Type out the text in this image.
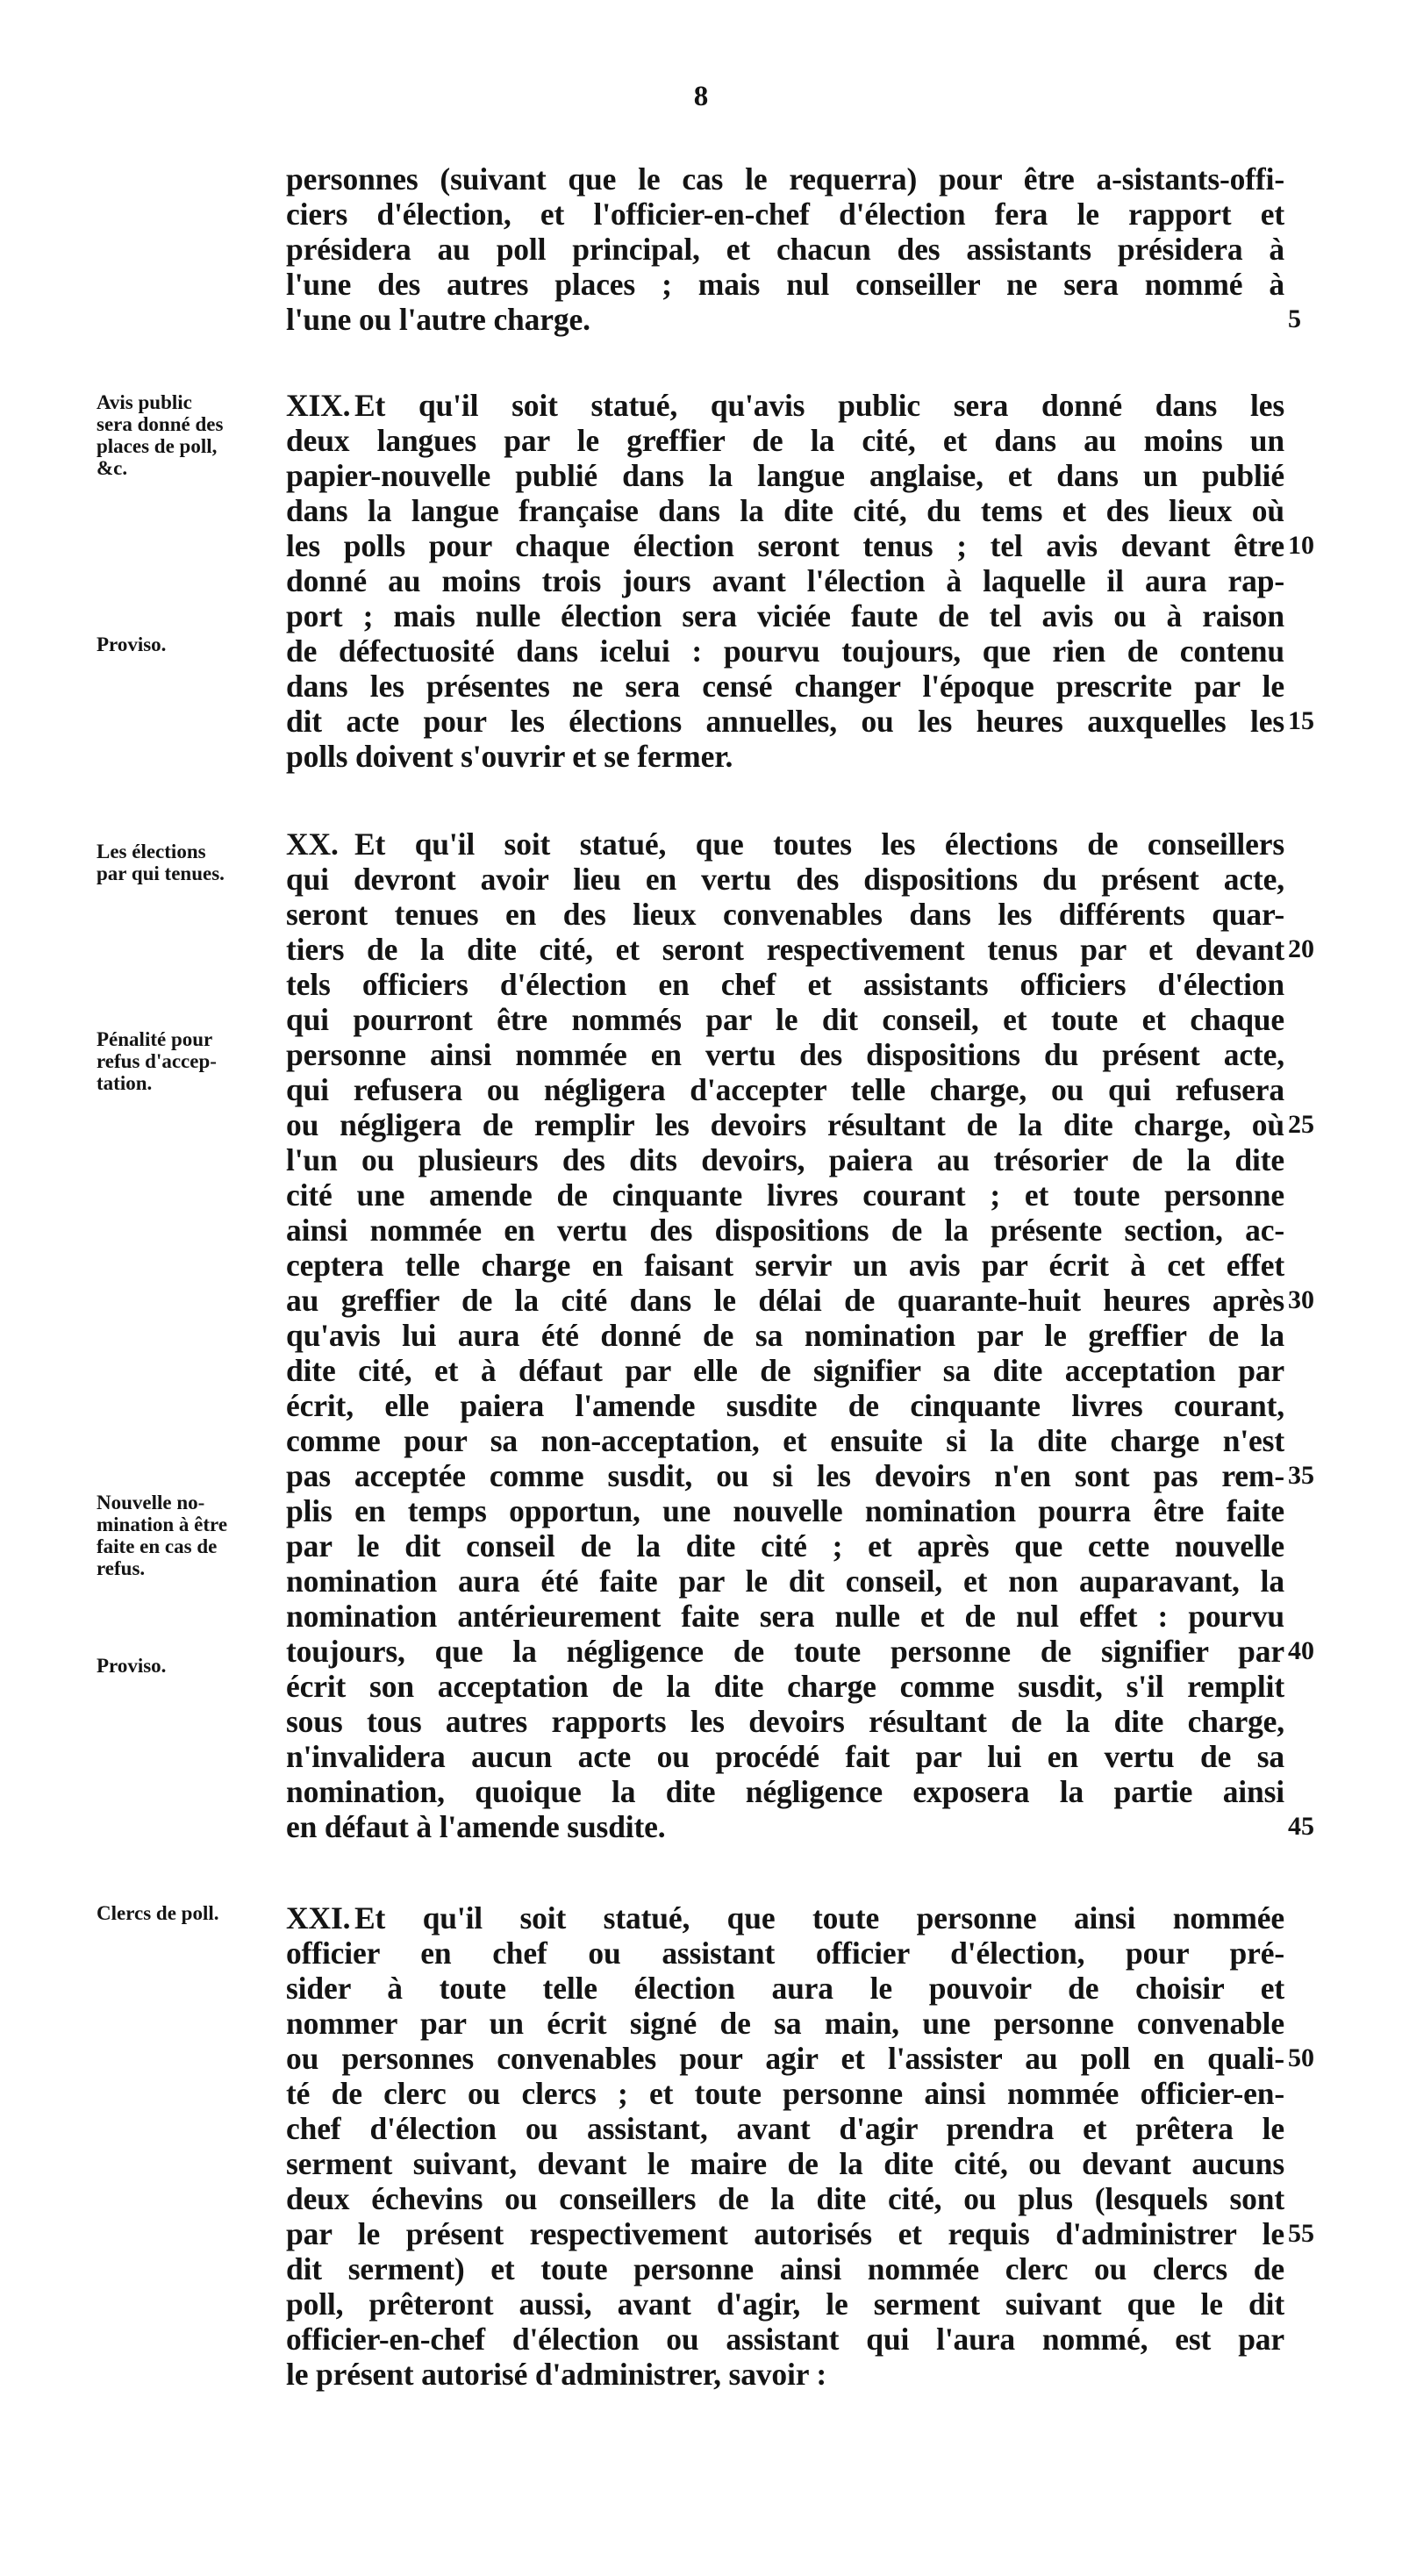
8
personnes (suivant que le cas le requerra) pour être a-sistants-offi-
ciers d'élection, et l'officier-en-chef d'élection fera le rapport et
présidera au poll principal, et chacun des assistants présidera à
l'une des autres places ; mais nul conseiller ne sera nommé à
l'une ou l'autre charge.
XIX. Et qu'il soit statué, qu'avis public sera donné dans les
deux langues par le greffier de la cité, et dans au moins un
papier-nouvelle publié dans la langue anglaise, et dans un publié
dans la langue française dans la dite cité, du tems et des lieux où
les polls pour chaque élection seront tenus ; tel avis devant être
donné au moins trois jours avant l'élection à laquelle il aura rap-
port ; mais nulle élection sera viciée faute de tel avis ou à raison
de défectuosité dans icelui : pourvu toujours, que rien de contenu
dans les présentes ne sera censé changer l'époque prescrite par le
dit acte pour les élections annuelles, ou les heures auxquelles les
polls doivent s'ouvrir et se fermer.
XX. Et qu'il soit statué, que toutes les élections de conseillers
qui devront avoir lieu en vertu des dispositions du présent acte,
seront tenues en des lieux convenables dans les différents quar-
tiers de la dite cité, et seront respectivement tenus par et devant
tels officiers d'élection en chef et assistants officiers d'élection
qui pourront être nommés par le dit conseil, et toute et chaque
personne ainsi nommée en vertu des dispositions du présent acte,
qui refusera ou négligera d'accepter telle charge, ou qui refusera
ou négligera de remplir les devoirs résultant de la dite charge, où
l'un ou plusieurs des dits devoirs, paiera au trésorier de la dite
cité une amende de cinquante livres courant ; et toute personne
ainsi nommée en vertu des dispositions de la présente section, ac-
ceptera telle charge en faisant servir un avis par écrit à cet effet
au greffier de la cité dans le délai de quarante-huit heures après
qu'avis lui aura été donné de sa nomination par le greffier de la
dite cité, et à défaut par elle de signifier sa dite acceptation par
écrit, elle paiera l'amende susdite de cinquante livres courant,
comme pour sa non-acceptation, et ensuite si la dite charge n'est
pas acceptée comme susdit, ou si les devoirs n'en sont pas rem-
plis en temps opportun, une nouvelle nomination pourra être faite
par le dit conseil de la dite cité ; et après que cette nouvelle
nomination aura été faite par le dit conseil, et non auparavant, la
nomination antérieurement faite sera nulle et de nul effet : pourvu
toujours, que la négligence de toute personne de signifier par
écrit son acceptation de la dite charge comme susdit, s'il remplit
sous tous autres rapports les devoirs résultant de la dite charge,
n'invalidera aucun acte ou procédé fait par lui en vertu de sa
nomination, quoique la dite négligence exposera la partie ainsi
en défaut à l'amende susdite.
XXI. Et qu'il soit statué, que toute personne ainsi nommée
officier en chef ou assistant officier d'élection, pour pré-
sider à toute telle élection aura le pouvoir de choisir et
nommer par un écrit signé de sa main, une personne convenable
ou personnes convenables pour agir et l'assister au poll en quali-
té de clerc ou clercs ; et toute personne ainsi nommée officier-en-
chef d'élection ou assistant, avant d'agir prendra et prêtera le
serment suivant, devant le maire de la dite cité, ou devant aucuns
deux échevins ou conseillers de la dite cité, ou plus (lesquels sont
par le présent respectivement autorisés et requis d'administrer le
dit serment) et toute personne ainsi nommée clerc ou clercs de
poll, prêteront aussi, avant d'agir, le serment suivant que le dit
officier-en-chef d'élection ou assistant qui l'aura nommé, est par
le présent autorisé d'administrer, savoir :
5
10
15
20
25
30
35
40
45
50
55
Avis public
sera donné des
places de poll,
&c.
Proviso.
Les élections
par qui tenues.
Pénalité pour
refus d'accep-
tation.
Nouvelle no-
mination à être
faite en cas de
refus.
Proviso.
Clercs de poll.
